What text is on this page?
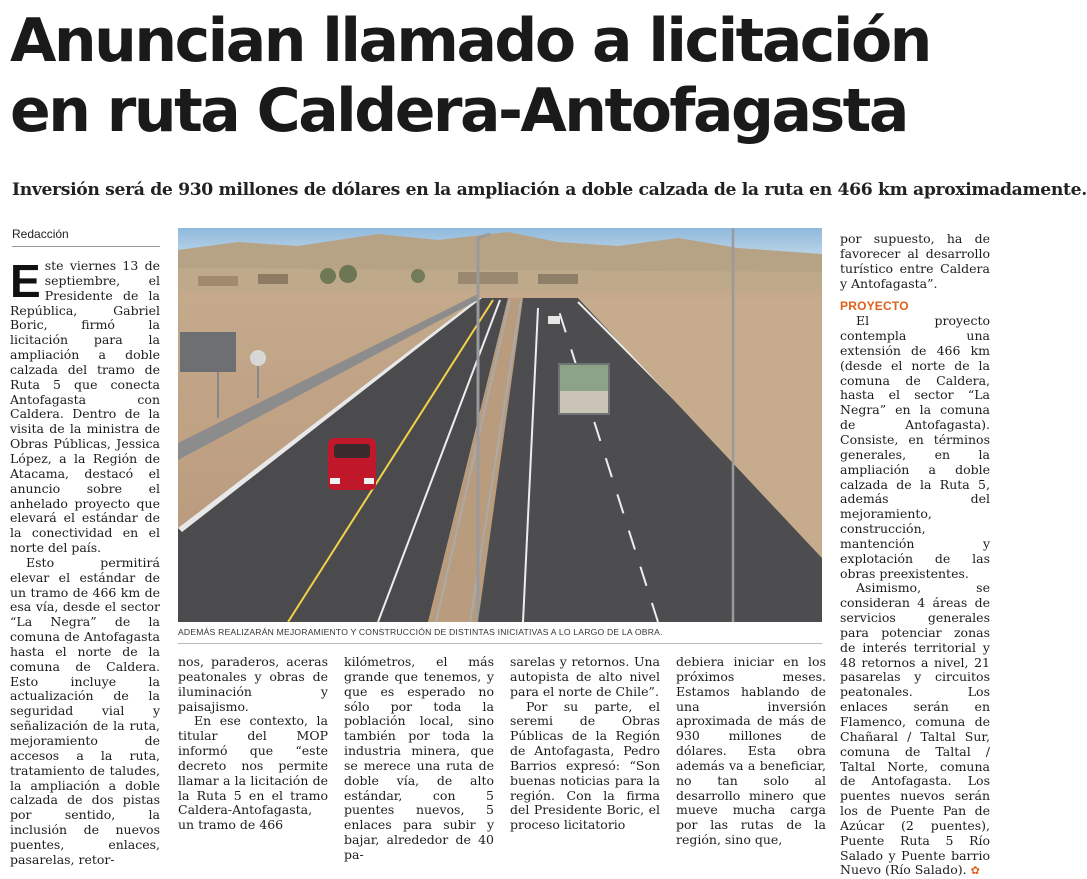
Anuncian llamado a licitación
en ruta Caldera-Antofagasta
Inversión será de 930 millones de dólares en la ampliación a doble calzada de la ruta en 466 km aproximadamente.
Redacción

Este viernes 13 de septiembre, el Presidente de la República, Gabriel Boric, firmó la licitación para la ampliación a doble calzada del tramo de Ruta 5 que conecta Antofagasta con Caldera. Dentro de la visita de la ministra de Obras Públicas, Jessica López, a la Región de Atacama, destacó el anuncio sobre el anhelado proyecto que elevará el estándar de la conectividad en el norte del país.

Esto permitirá elevar el estándar de un tramo de 466 km de esa vía, desde el sector “La Negra” de la comuna de Antofagasta hasta el norte de la comuna de Caldera. Esto incluye la actualización de la seguridad vial y señalización de la ruta, mejoramiento de accesos a la ruta, tratamiento de taludes, la ampliación a doble calzada de dos pistas por sentido, la inclusión de nuevos puentes, enlaces, pasarelas, retor-

ADEMÁS REALIZARÁN MEJORAMIENTO Y CONSTRUCCIÓN DE DISTINTAS INICIATIVAS A LO LARGO DE LA OBRA.

nos, paraderos, aceras peatonales y obras de iluminación y paisajismo.

En ese contexto, la titular del MOP informó que “este decreto nos permite llamar a la licitación de la Ruta 5 en el tramo Caldera-Antofagasta, un tramo de 466

kilómetros, el más grande que tenemos, y que es esperado no sólo por toda la población local, sino también por toda la industria minera, que se merece una ruta de doble vía, de alto estándar, con 5 puentes nuevos, 5 enlaces para subir y bajar, alrededor de 40 pa-

sarelas y retornos. Una autopista de alto nivel para el norte de Chile”.

Por su parte, el seremi de Obras Públicas de la Región de Antofagasta, Pedro Barrios expresó: “Son buenas noticias para la región. Con la firma del Presidente Boric, el proceso licitatorio

debiera iniciar en los próximos meses. Estamos hablando de una inversión aproximada de más de 930 millones de dólares. Esta obra además va a beneficiar, no tan solo al desarrollo minero que mueve mucha carga por las rutas de la región, sino que,

por supuesto, ha de favorecer al desarrollo turístico entre Caldera y Antofagasta”.

PROYECTO

El proyecto contempla una extensión de 466 km (desde el norte de la comuna de Caldera, hasta el sector “La Negra” en la comuna de Antofagasta). Consiste, en términos generales, en la ampliación a doble calzada de la Ruta 5, además del mejoramiento, construcción, mantención y explotación de las obras preexistentes.

Asimismo, se consideran 4 áreas de servicios generales para potenciar zonas de interés territorial y 48 retornos a nivel, 21 pasarelas y circuitos peatonales. Los enlaces serán en Flamenco, comuna de Chañaral / Taltal Sur, comuna de Taltal / Taltal Norte, comuna de Antofagasta. Los puentes nuevos serán los de Puente Pan de Azúcar (2 puentes), Puente Ruta 5 Río Salado y Puente barrio Nuevo (Río Salado). ✿
